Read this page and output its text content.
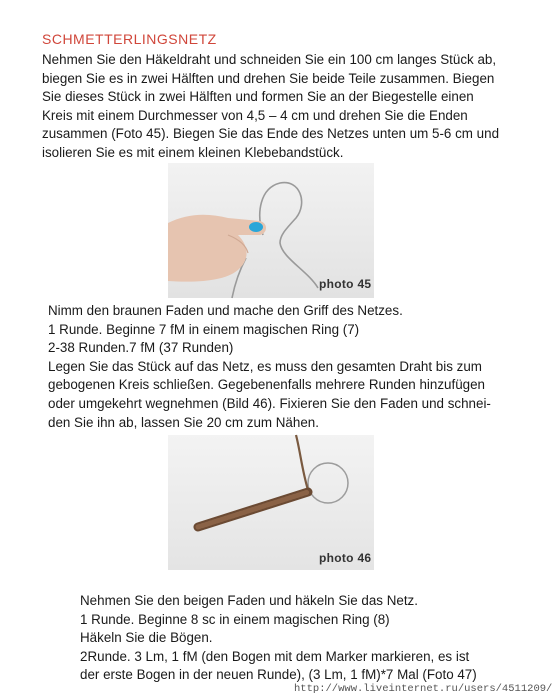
SCHMETTERLINGSNETZ

Nehmen Sie den Häkeldraht und schneiden Sie ein 100 cm langes Stück ab,
biegen Sie es in zwei Hälften und drehen Sie beide Teile zusammen. Biegen
Sie dieses Stück in zwei Hälften und formen Sie an der Biegestelle einen
Kreis mit einem Durchmesser von 4,5 – 4 cm und drehen Sie die Enden
zusammen (Foto 45). Biegen Sie das Ende des Netzes unten um 5-6 cm und
isolieren Sie es mit einem kleinen Klebebandstück.

photo 45

Nimm den braunen Faden und mache den Griff des Netzes.
1 Runde. Beginne 7 fM in einem magischen Ring (7)
2-38 Runden.7 fM (37 Runden)
Legen Sie das Stück auf das Netz, es muss den gesamten Draht bis zum
gebogenen Kreis schließen. Gegebenenfalls mehrere Runden hinzufügen
oder umgekehrt wegnehmen (Bild 46). Fixieren Sie den Faden und schnei-
den Sie ihn ab, lassen Sie 20 cm zum Nähen.

photo 46

Nehmen Sie den beigen Faden und häkeln Sie das Netz.
1 Runde. Beginne 8 sc in einem magischen Ring (8)
Häkeln Sie die Bögen.
2Runde. 3 Lm, 1 fM (den Bogen mit dem Marker markieren, es ist
der erste Bogen in der neuen Runde), (3 Lm, 1 fM)*7 Mal (Foto 47)

http://www.liveinternet.ru/users/4511209/
